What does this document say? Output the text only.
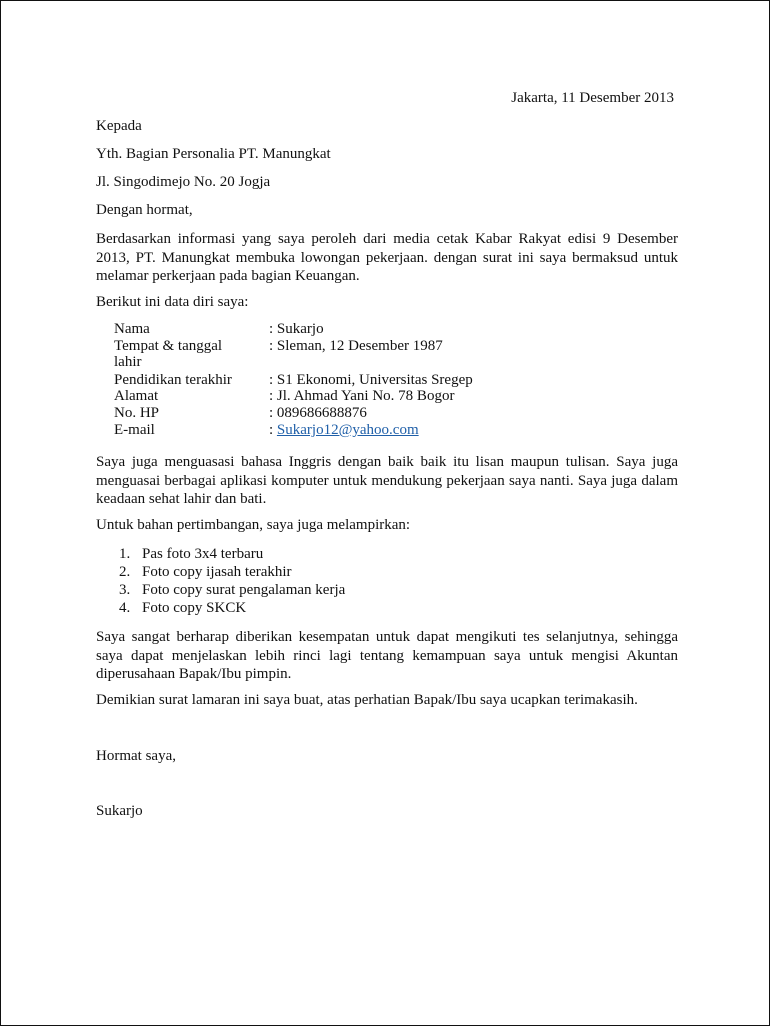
Jakarta, 11 Desember 2013
Kepada
Yth. Bagian Personalia PT. Manungkat
Jl. Singodimejo No. 20 Jogja
Dengan hormat,
Berdasarkan informasi yang saya peroleh dari media cetak Kabar Rakyat edisi 9 Desember 2013, PT. Manungkat membuka lowongan pekerjaan. dengan surat ini saya bermaksud untuk melamar perkerjaan pada bagian Keuangan.
Berikut ini data diri saya:
Nama	: Sukarjo
Tempat & tanggal lahir
: Sleman, 12 Desember 1987
Pendidikan terakhir	: S1 Ekonomi, Universitas Sregep
Alamat	: Jl. Ahmad Yani No. 78 Bogor
No. HP	: 089686688876
E-mail	: Sukarjo12@yahoo.com
Saya juga menguasasi bahasa Inggris dengan baik baik itu lisan maupun tulisan. Saya juga menguasai berbagai aplikasi komputer untuk mendukung pekerjaan saya nanti. Saya juga dalam keadaan sehat lahir dan bati.
Untuk bahan pertimbangan, saya juga melampirkan:
1. Pas foto 3x4 terbaru
2. Foto copy ijasah terakhir
3. Foto copy surat pengalaman kerja
4. Foto copy SKCK
Saya sangat berharap diberikan kesempatan untuk dapat mengikuti tes selanjutnya, sehingga saya dapat menjelaskan lebih rinci lagi tentang kemampuan saya untuk mengisi Akuntan diperusahaan Bapak/Ibu pimpin.
Demikian surat lamaran ini saya buat, atas perhatian Bapak/Ibu saya ucapkan terimakasih.
Hormat saya,
Sukarjo
